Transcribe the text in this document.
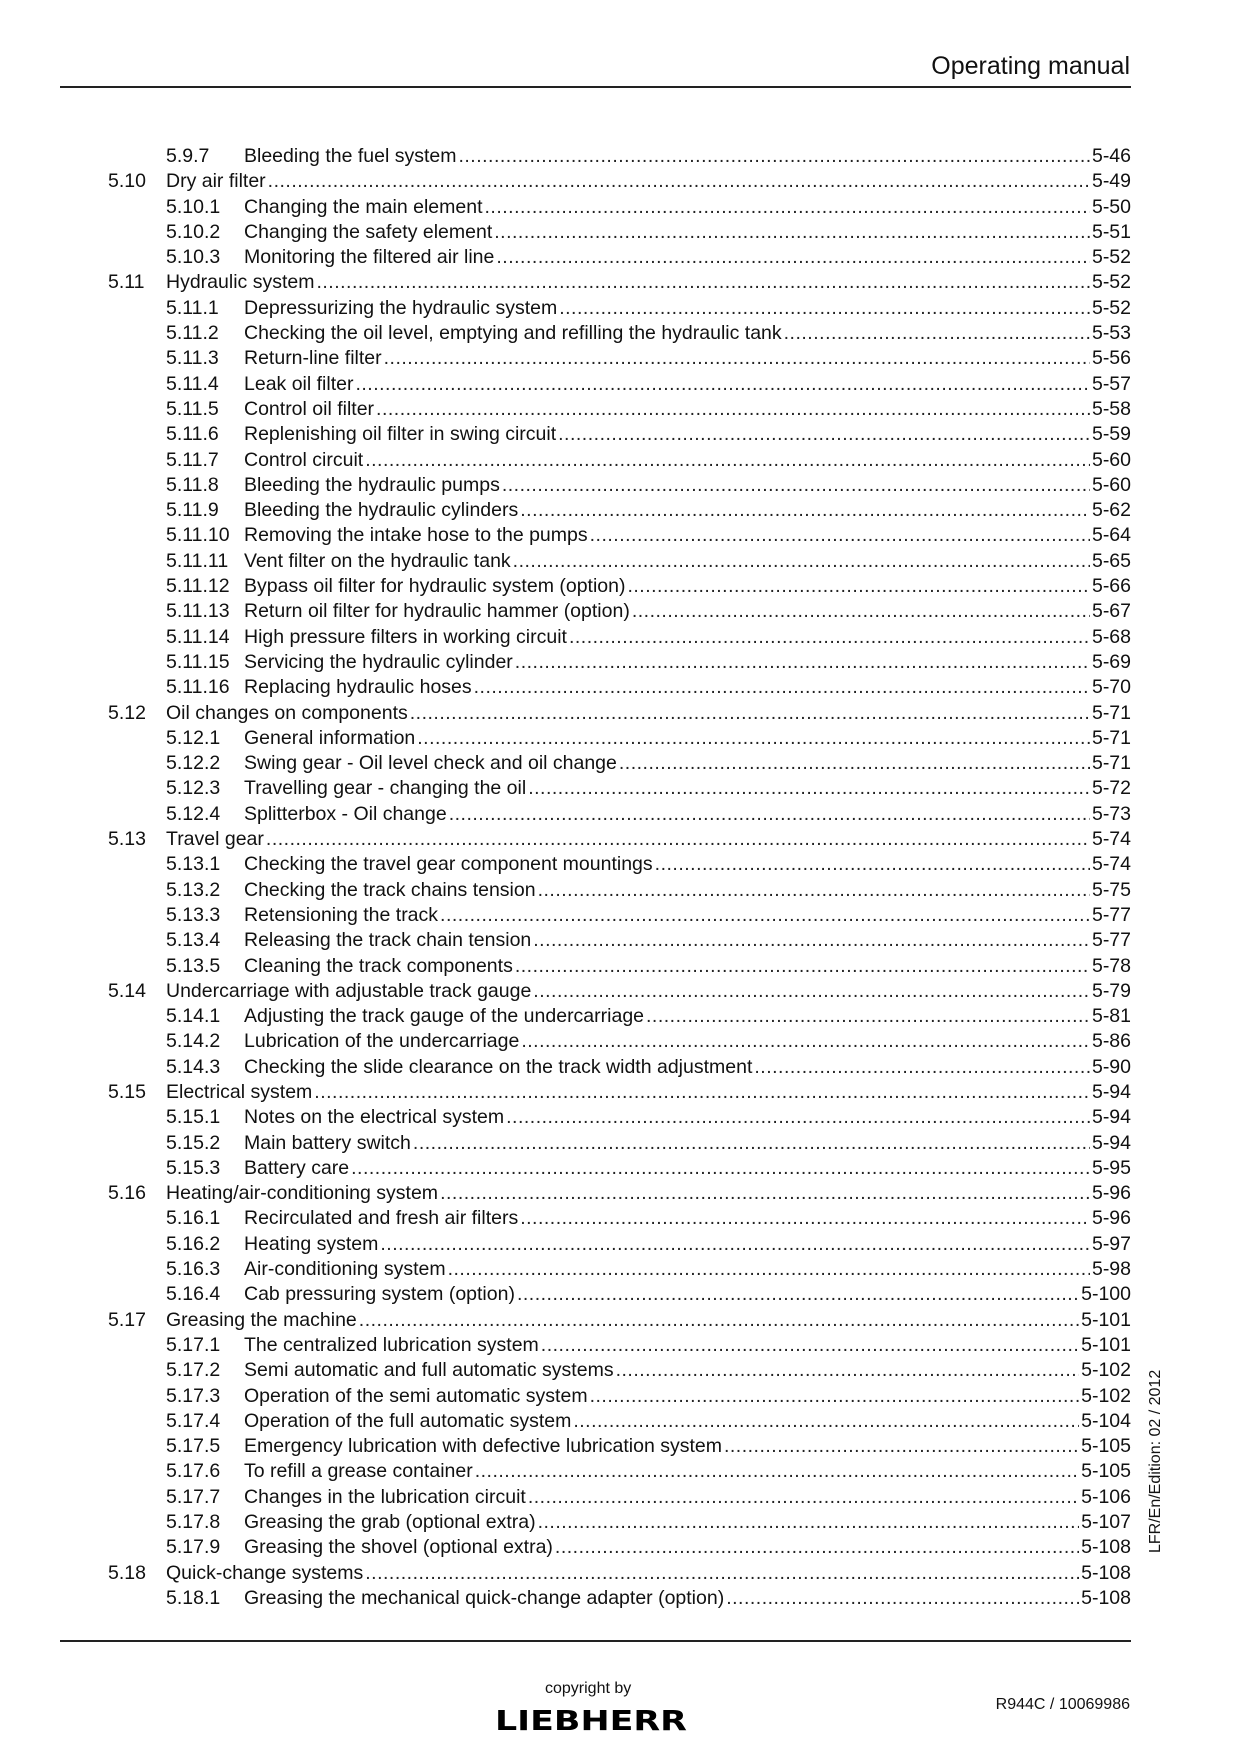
Operating manual
5.9.7 Bleeding the fuel system .....	5-46
5.10 Dry air filter .....	5-49
5.10.1 Changing the main element .....	5-50
5.10.2 Changing the safety element .....	5-51
5.10.3 Monitoring the filtered air line .....	5-52
5.11 Hydraulic system .....	5-52
5.11.1 Depressurizing the hydraulic system .....	5-52
5.11.2 Checking the oil level, emptying and refilling the hydraulic tank .....	5-53
5.11.3 Return-line filter .....	5-56
5.11.4 Leak oil filter .....	5-57
5.11.5 Control oil filter .....	5-58
5.11.6 Replenishing oil filter in swing circuit .....	5-59
5.11.7 Control circuit .....	5-60
5.11.8 Bleeding the hydraulic pumps .....	5-60
5.11.9 Bleeding the hydraulic cylinders .....	5-62
5.11.10 Removing the intake hose to the pumps .....	5-64
5.11.11 Vent filter on the hydraulic tank .....	5-65
5.11.12 Bypass oil filter for hydraulic system (option) .....	5-66
5.11.13 Return oil filter for hydraulic hammer (option) .....	5-67
5.11.14 High pressure filters in working circuit .....	5-68
5.11.15 Servicing the hydraulic cylinder .....	5-69
5.11.16 Replacing hydraulic hoses .....	5-70
5.12 Oil changes on components .....	5-71
5.12.1 General information .....	5-71
5.12.2 Swing gear - Oil level check and oil change .....	5-71
5.12.3 Travelling gear - changing the oil .....	5-72
5.12.4 Splitterbox - Oil change .....	5-73
5.13 Travel gear .....	5-74
5.13.1 Checking the travel gear component mountings .....	5-74
5.13.2 Checking the track chains tension .....	5-75
5.13.3 Retensioning the track .....	5-77
5.13.4 Releasing the track chain tension .....	5-77
5.13.5 Cleaning the track components .....	5-78
5.14 Undercarriage with adjustable track gauge .....	5-79
5.14.1 Adjusting the track gauge of the undercarriage .....	5-81
5.14.2 Lubrication of the undercarriage .....	5-86
5.14.3 Checking the slide clearance on the track width adjustment .....	5-90
5.15 Electrical system .....	5-94
5.15.1 Notes on the electrical system .....	5-94
5.15.2 Main battery switch .....	5-94
5.15.3 Battery care .....	5-95
5.16 Heating/air-conditioning system .....	5-96
5.16.1 Recirculated and fresh air filters .....	5-96
5.16.2 Heating system .....	5-97
5.16.3 Air-conditioning system .....	5-98
5.16.4 Cab pressuring system (option) .....	5-100
5.17 Greasing the machine .....	5-101
5.17.1 The centralized lubrication system .....	5-101
5.17.2 Semi automatic and full automatic systems .....	5-102
5.17.3 Operation of the semi automatic system .....	5-102
5.17.4 Operation of the full automatic system .....	5-104
5.17.5 Emergency lubrication with defective lubrication system .....	5-105
5.17.6 To refill a grease container .....	5-105
5.17.7 Changes in the lubrication circuit .....	5-106
5.17.8 Greasing the grab (optional extra) .....	5-107
5.17.9 Greasing the shovel (optional extra) .....	5-108
5.18 Quick-change systems .....	5-108
5.18.1 Greasing the mechanical quick-change adapter (option) .....	5-108
LFR/En/Edition: 02 / 2012
copyright by
R944C / 10069986
LIEBHERR
